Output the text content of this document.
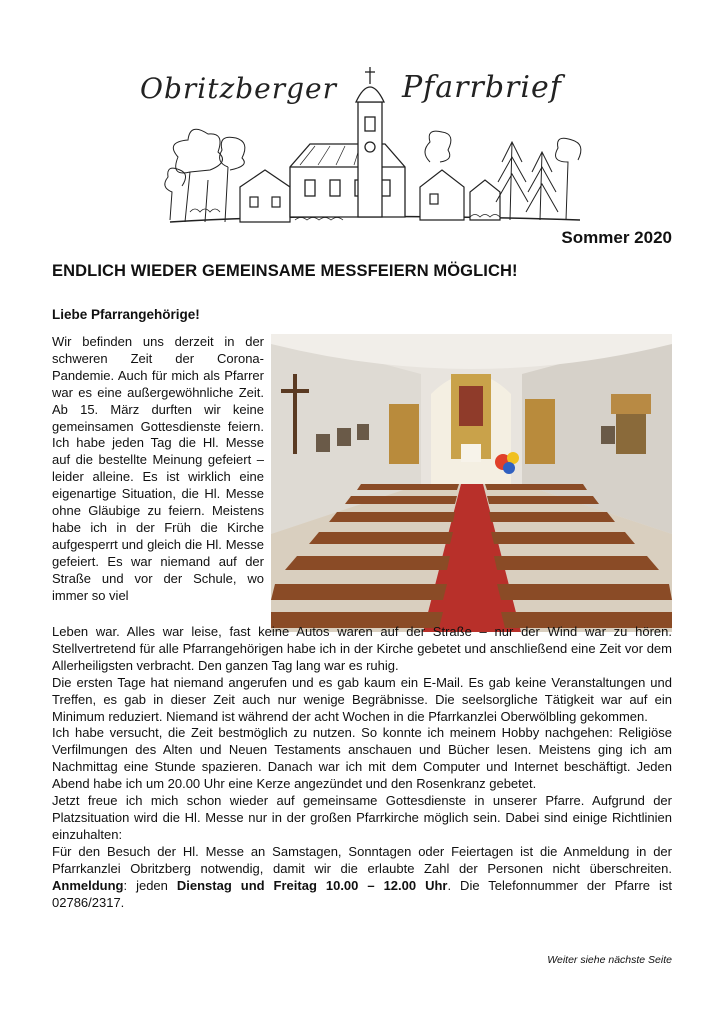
Obritzberger Pfarrbrief
Sommer 2020
ENDLICH WIEDER GEMEINSAME MESSFEIERN MÖGLICH!
Liebe Pfarrangehörige!

Wir befinden uns derzeit in der schweren Zeit der Corona-Pandemie. Auch für mich als Pfarrer war es eine außergewöhnliche Zeit. Ab 15. März durften wir keine gemeinsamen Gottesdienste feiern. Ich habe jeden Tag die Hl. Messe auf die bestellte Meinung gefeiert – leider alleine. Es ist wirklich eine eigenartige Situation, die Hl. Messe ohne Gläubige zu feiern. Meistens habe ich in der Früh die Kirche aufgesperrt und gleich die Hl. Messe gefeiert. Es war niemand auf der Straße und vor der Schule, wo immer so viel

Leben war. Alles war leise, fast keine Autos waren auf der Straße – nur der Wind war zu hören. Stellvertretend für alle Pfarrangehörigen habe ich in der Kirche gebetet und anschließend eine Zeit vor dem Allerheiligsten verbracht. Den ganzen Tag lang war es ruhig.

Die ersten Tage hat niemand angerufen und es gab kaum ein E-Mail. Es gab keine Veranstaltungen und Treffen, es gab in dieser Zeit auch nur wenige Begräbnisse. Die seelsorgliche Tätigkeit war auf ein Minimum reduziert. Niemand ist während der acht Wochen in die Pfarrkanzlei Oberwölbling gekommen.

Ich habe versucht, die Zeit bestmöglich zu nutzen. So konnte ich meinem Hobby nachgehen: Religiöse Verfilmungen des Alten und Neuen Testaments anschauen und Bücher lesen. Meistens ging ich am Nachmittag eine Stunde spazieren. Danach war ich mit dem Computer und Internet beschäftigt. Jeden Abend habe ich um 20.00 Uhr eine Kerze angezündet und den Rosenkranz gebetet.

Jetzt freue ich mich schon wieder auf gemeinsame Gottesdienste in unserer Pfarre. Aufgrund der Platzsituation wird die Hl. Messe nur in der großen Pfarrkirche möglich sein. Dabei sind einige Richtlinien einzuhalten:

Für den Besuch der Hl. Messe an Samstagen, Sonntagen oder Feiertagen ist die Anmeldung in der Pfarrkanzlei Obritzberg notwendig, damit wir die erlaubte Zahl der Personen nicht überschreiten. Anmeldung: jeden Dienstag und Freitag 10.00 – 12.00 Uhr. Die Telefonnummer der Pfarre ist 02786/2317.

Weiter siehe nächste Seite
